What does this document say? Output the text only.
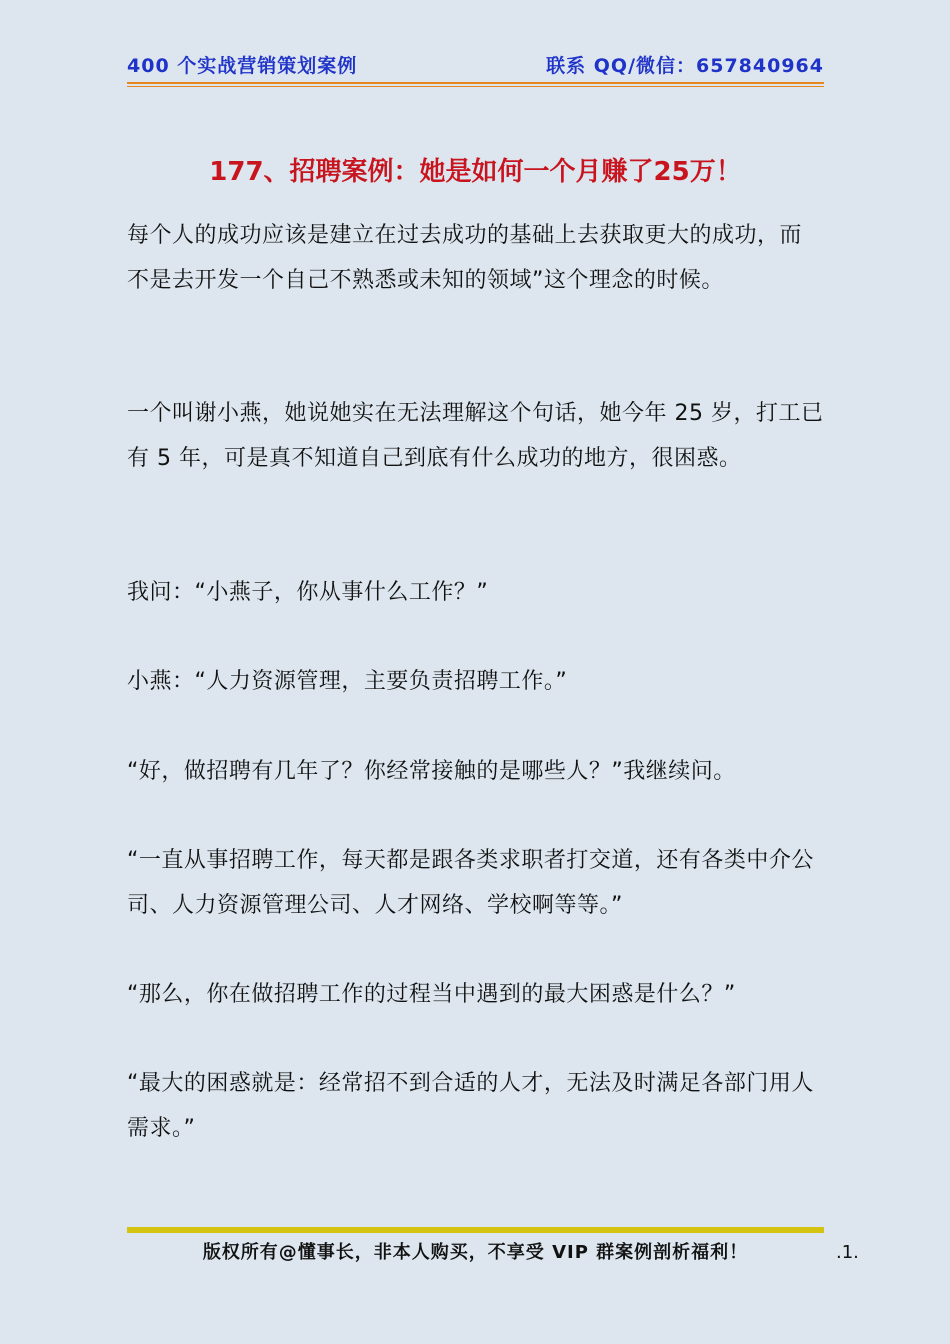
400 个实战营销策划案例	联系 QQ/微信：657840964
177、招聘案例：她是如何一个月赚了25万！

每个人的成功应该是建立在过去成功的基础上去获取更大的成功，而不是去开发一个自己不熟悉或未知的领域”这个理念的时候。

一个叫谢小燕，她说她实在无法理解这个句话，她今年 25 岁，打工已有 5 年，可是真不知道自己到底有什么成功的地方，很困惑。

我问：“小燕子，你从事什么工作？”

小燕：“人力资源管理，主要负责招聘工作。”

“好，做招聘有几年了？你经常接触的是哪些人？”我继续问。

“一直从事招聘工作，每天都是跟各类求职者打交道，还有各类中介公司、人力资源管理公司、人才网络、学校啊等等。”

“那么，你在做招聘工作的过程当中遇到的最大困惑是什么？”

“最大的困惑就是：经常招不到合适的人才，无法及时满足各部门用人需求。”

版权所有@懂事长，非本人购买，不享受 VIP 群案例剖析福利！	.1.
